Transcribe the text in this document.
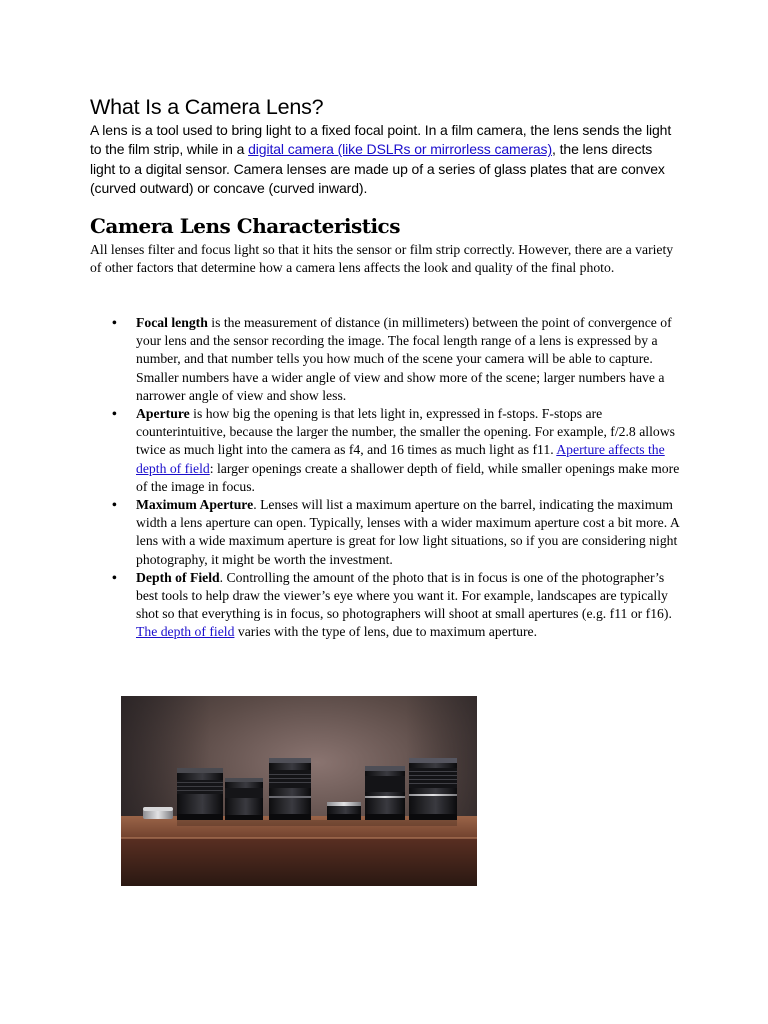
What Is a Camera Lens?

A lens is a tool used to bring light to a fixed focal point. In a film camera, the lens sends the light to the film strip, while in a digital camera (like DSLRs or mirrorless cameras), the lens directs light to a digital sensor. Camera lenses are made up of a series of glass plates that are convex (curved outward) or concave (curved inward).

Camera Lens Characteristics

All lenses filter and focus light so that it hits the sensor or film strip correctly. However, there are a variety of other factors that determine how a camera lens affects the look and quality of the final photo.

• Focal length is the measurement of distance (in millimeters) between the point of convergence of your lens and the sensor recording the image. The focal length range of a lens is expressed by a number, and that number tells you how much of the scene your camera will be able to capture. Smaller numbers have a wider angle of view and show more of the scene; larger numbers have a narrower angle of view and show less.
• Aperture is how big the opening is that lets light in, expressed in f-stops. F-stops are counterintuitive, because the larger the number, the smaller the opening. For example, f/2.8 allows twice as much light into the camera as f4, and 16 times as much light as f11. Aperture affects the depth of field: larger openings create a shallower depth of field, while smaller openings make more of the image in focus.
• Maximum Aperture. Lenses will list a maximum aperture on the barrel, indicating the maximum width a lens aperture can open. Typically, lenses with a wider maximum aperture cost a bit more. A lens with a wide maximum aperture is great for low light situations, so if you are considering night photography, it might be worth the investment.
• Depth of Field. Controlling the amount of the photo that is in focus is one of the photographer’s best tools to help draw the viewer’s eye where you want it. For example, landscapes are typically shot so that everything is in focus, so photographers will shoot at small apertures (e.g. f11 or f16). The depth of field varies with the type of lens, due to maximum aperture.
